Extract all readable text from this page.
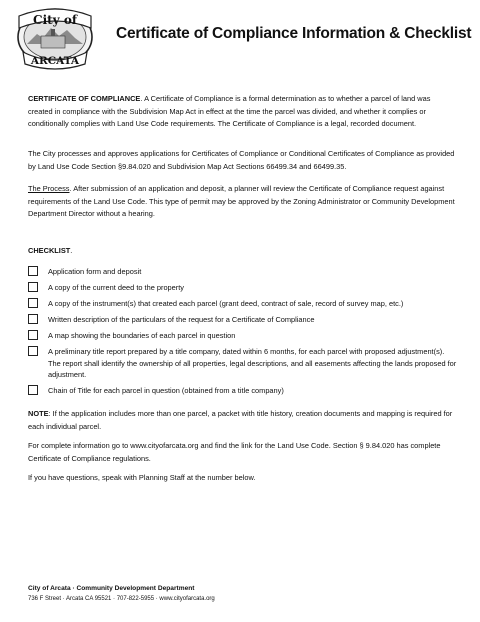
City of
ARCATA
Certificate of Compliance Information & Checklist
CERTIFICATE OF COMPLIANCE. A Certificate of Compliance is a formal determination as to whether a parcel of land was created in compliance with the Subdivision Map Act in effect at the time the parcel was divided, and whether it complies or conditionally complies with Land Use Code requirements. The Certificate of Compliance is a legal, recorded document.
The City processes and approves applications for Certificates of Compliance or Conditional Certificates of Compliance as provided by Land Use Code Section §9.84.020 and Subdivision Map Act Sections 66499.34 and 66499.35.
The Process. After submission of an application and deposit, a planner will review the Certificate of Compliance request against requirements of the Land Use Code. This type of permit may be approved by the Zoning Administrator or Community Development Department Director without a hearing.
CHECKLIST.
Application form and deposit
A copy of the current deed to the property
A copy of the instrument(s) that created each parcel (grant deed, contract of sale, record of survey map, etc.)
Written description of the particulars of the request for a Certificate of Compliance
A map showing the boundaries of each parcel in question
A preliminary title report prepared by a title company, dated within 6 months, for each parcel with proposed adjustment(s). The report shall identify the ownership of all properties, legal descriptions, and all easements affecting the lands proposed for adjustment.
Chain of Title for each parcel in question (obtained from a title company)
NOTE: If the application includes more than one parcel, a packet with title history, creation documents and mapping is required for each individual parcel.
For complete information go to www.cityofarcata.org and find the link for the Land Use Code. Section § 9.84.020 has complete Certificate of Compliance regulations.
If you have questions, speak with Planning Staff at the number below.
City of Arcata · Community Development Department
736 F Street · Arcata CA 95521 · 707-822-5955 · www.cityofarcata.org
